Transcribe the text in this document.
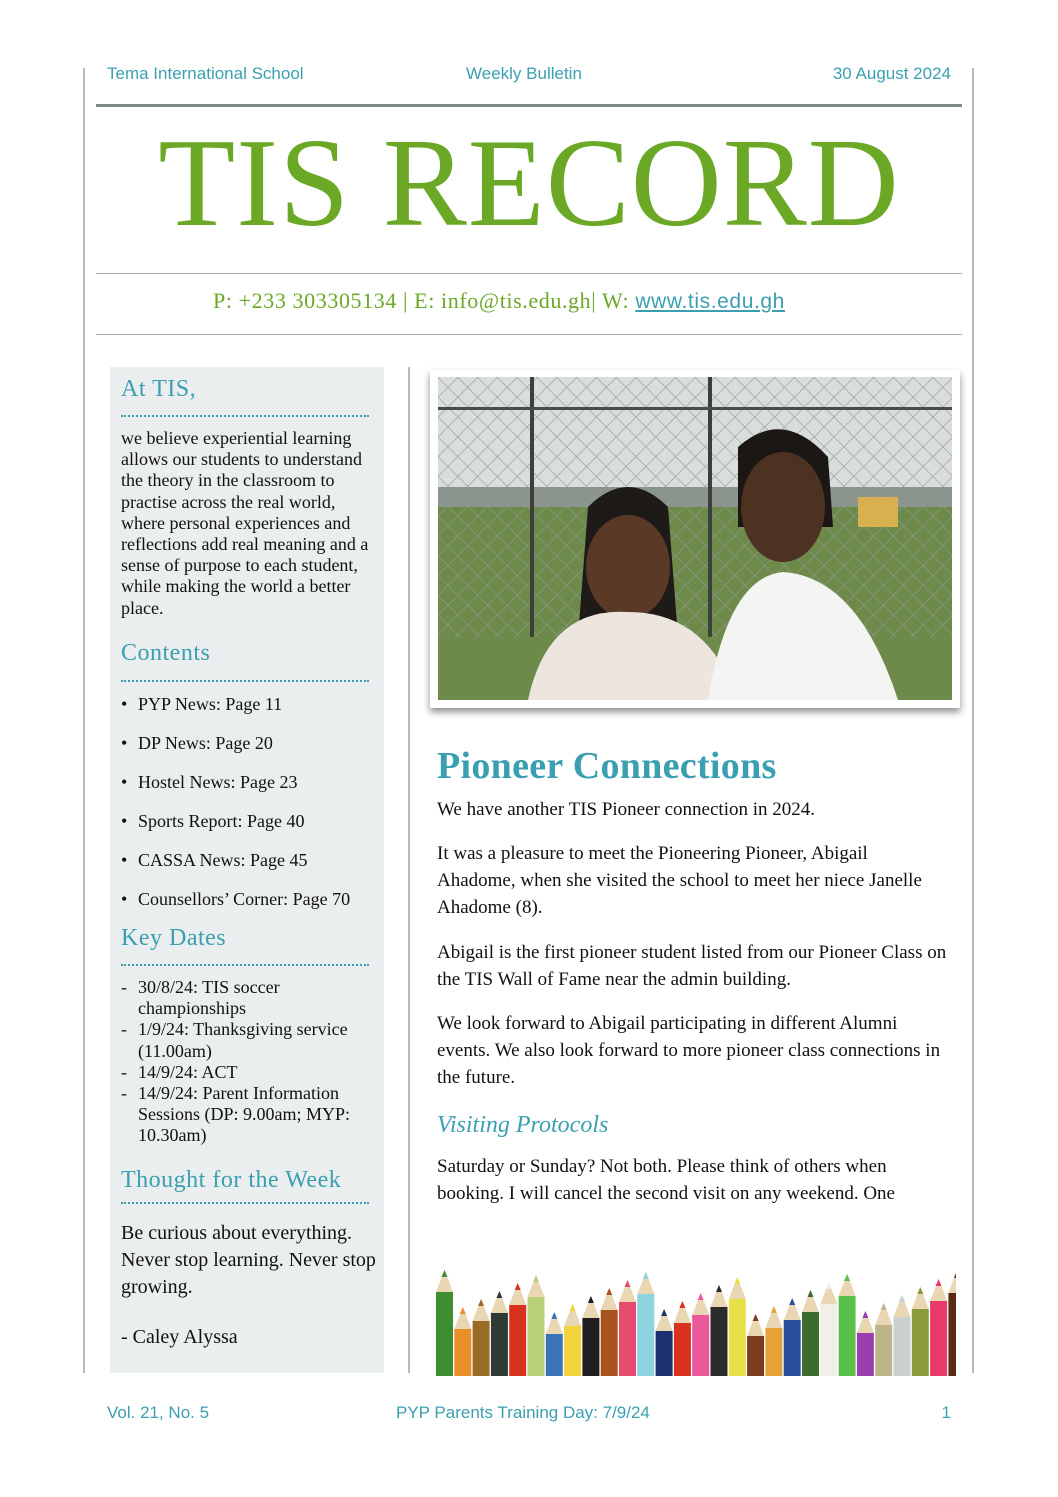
Tema International School	Weekly Bulletin	30 August 2024
TIS RECORD
P: +233 303305134 | E: info@tis.edu.gh| W: www.tis.edu.gh
At TIS,
we believe experiential learning allows our students to understand the theory in the classroom to practise across the real world, where personal experiences and reflections add real meaning and a sense of purpose to each student, while making the world a better place.
Contents
• PYP News: Page 11
• DP News: Page 20
• Hostel News: Page 23
• Sports Report: Page 40
• CASSA News: Page 45
• Counsellors’ Corner: Page 70
Key Dates
- 30/8/24: TIS soccer championships
- 1/9/24: Thanksgiving service (11.00am)
- 14/9/24: ACT
- 14/9/24: Parent Information Sessions (DP: 9.00am; MYP: 10.30am)
Thought for the Week
Be curious about everything. Never stop learning. Never stop growing.
- Caley Alyssa
Pioneer Connections
We have another TIS Pioneer connection in 2024.
It was a pleasure to meet the Pioneering Pioneer, Abigail Ahadome, when she visited the school to meet her niece Janelle Ahadome (8).
Abigail is the first pioneer student listed from our Pioneer Class on the TIS Wall of Fame near the admin building.
We look forward to Abigail participating in different Alumni events. We also look forward to more pioneer class connections in the future.
Visiting Protocols
Saturday or Sunday? Not both. Please think of others when booking. I will cancel the second visit on any weekend. One
Vol. 21, No. 5	PYP Parents Training Day: 7/9/24	1
